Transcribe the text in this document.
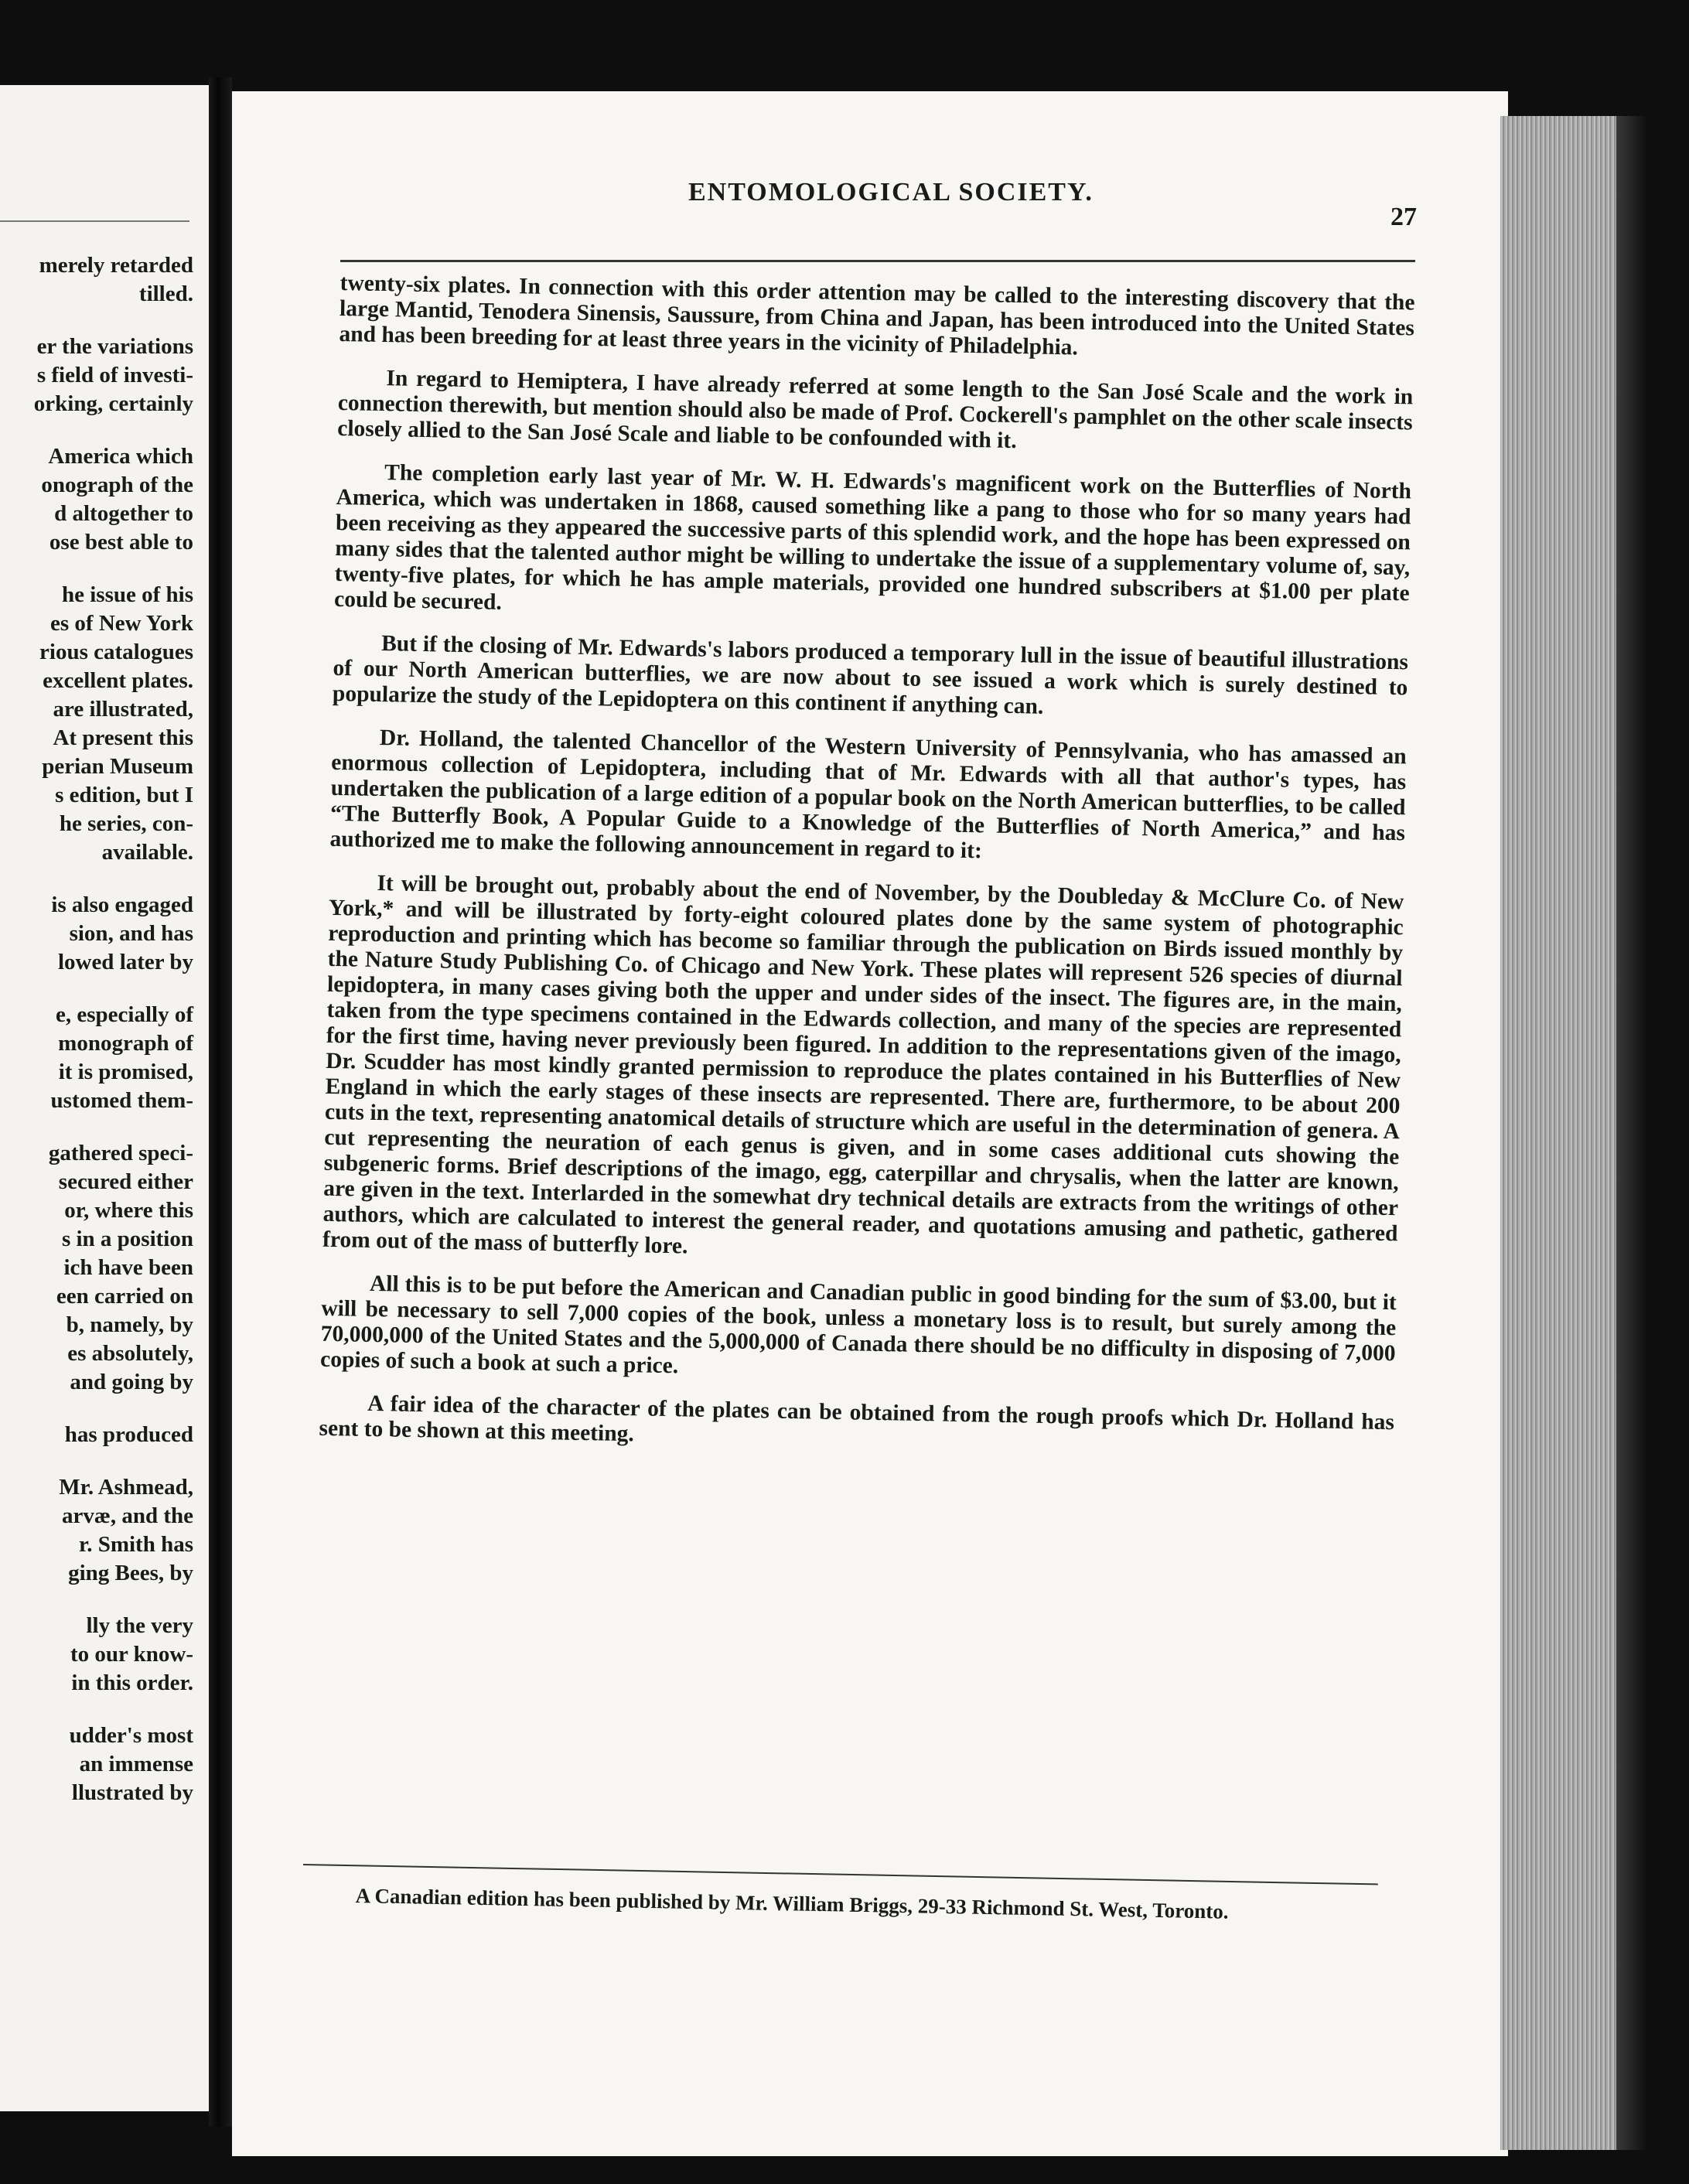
merely retarded
tilled.
er the variations
s field of investi-
orking, certainly
America which
onograph of the
d altogether to
ose best able to
he issue of his
es of New York
rious catalogues
excellent plates.
are illustrated,
At present this
perian Museum
s edition, but I
he series, con-
available.
is also engaged
sion, and has
lowed later by
e, especially of
monograph of
it is promised,
ustomed them-
gathered speci-
secured either
or, where this
s in a position
ich have been
een carried on
b, namely, by
es absolutely,
and going by
has produced
Mr. Ashmead,
arvæ, and the
r. Smith has
ging Bees, by
lly the very
to our know-
in this order.
udder's most
an immense
llustrated by
ENTOMOLOGICAL SOCIETY.
27

twenty-six plates. In connection with this order attention may be called to the interesting discovery that the large Mantid, Tenodera Sinensis, Saussure, from China and Japan, has been introduced into the United States and has been breeding for at least three years in the vicinity of Philadelphia.

In regard to Hemiptera, I have already referred at some length to the San José Scale and the work in connection therewith, but mention should also be made of Prof. Cockerell's pamphlet on the other scale insects closely allied to the San José Scale and liable to be confounded with it.

The completion early last year of Mr. W. H. Edwards's magnificent work on the Butterflies of North America, which was undertaken in 1868, caused something like a pang to those who for so many years had been receiving as they appeared the successive parts of this splendid work, and the hope has been expressed on many sides that the talented author might be willing to undertake the issue of a supplementary volume of, say, twenty-five plates, for which he has ample materials, provided one hundred subscribers at $1.00 per plate could be secured.

But if the closing of Mr. Edwards's labors produced a temporary lull in the issue of beautiful illustrations of our North American butterflies, we are now about to see issued a work which is surely destined to popularize the study of the Lepidoptera on this continent if anything can.

Dr. Holland, the talented Chancellor of the Western University of Pennsylvania, who has amassed an enormous collection of Lepidoptera, including that of Mr. Edwards with all that author's types, has undertaken the publication of a large edition of a popular book on the North American butterflies, to be called “The Butterfly Book, A Popular Guide to a Knowledge of the Butterflies of North America,” and has authorized me to make the following announcement in regard to it:

It will be brought out, probably about the end of November, by the Doubleday & McClure Co. of New York,* and will be illustrated by forty-eight coloured plates done by the same system of photographic reproduction and printing which has become so familiar through the publication on Birds issued monthly by the Nature Study Publishing Co. of Chicago and New York. These plates will represent 526 species of diurnal lepidoptera, in many cases giving both the upper and under sides of the insect. The figures are, in the main, taken from the type specimens contained in the Edwards collection, and many of the species are represented for the first time, having never previously been figured. In addition to the representations given of the imago, Dr. Scudder has most kindly granted permission to reproduce the plates contained in his Butterflies of New England in which the early stages of these insects are represented. There are, furthermore, to be about 200 cuts in the text, representing anatomical details of structure which are useful in the determination of genera. A cut representing the neuration of each genus is given, and in some cases additional cuts showing the subgeneric forms. Brief descriptions of the imago, egg, caterpillar and chrysalis, when the latter are known, are given in the text. Interlarded in the somewhat dry technical details are extracts from the writings of other authors, which are calculated to interest the general reader, and quotations amusing and pathetic, gathered from out of the mass of butterfly lore.

All this is to be put before the American and Canadian public in good binding for the sum of $3.00, but it will be necessary to sell 7,000 copies of the book, unless a monetary loss is to result, but surely among the 70,000,000 of the United States and the 5,000,000 of Canada there should be no difficulty in disposing of 7,000 copies of such a book at such a price.

A fair idea of the character of the plates can be obtained from the rough proofs which Dr. Holland has sent to be shown at this meeting.

A Canadian edition has been published by Mr. William Briggs, 29-33 Richmond St. West, Toronto.
